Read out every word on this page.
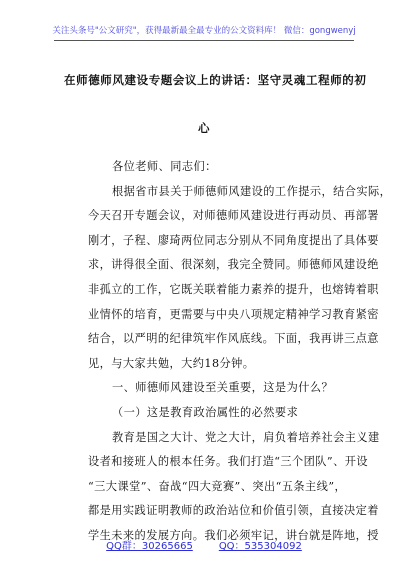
关注头条号"公文研究"，获得最新最全最专业的公文资料库！ 微信：gongwenyj
在师德师风建设专题会议上的讲话：坚守灵魂工程师的初
心
各位老师、同志们：
根据省市县关于师德师风建设的工作提示，结合实际，
今天召开专题会议，对师德师风建设进行再动员、再部署
刚才，子程、廖琦两位同志分别从不同角度提出了具体要
求，讲得很全面、很深刻，我完全赞同。师德师风建设绝
非孤立的工作，它既关联着能力素养的提升，也熔铸着职
业情怀的培育，更需要与中央八项规定精神学习教育紧密
结合，以严明的纪律筑牢作风底线。下面，我再讲三点意
见，与大家共勉，大约18分钟。
一、师德师风建设至关重要，这是为什么？
（一）这是教育政治属性的必然要求
教育是国之大计、党之大计，肩负着培养社会主义建
设者和接班人的根本任务。我们打造“三个团队”、开设
“三大课堂”、奋战“四大竞赛”、突出“五条主线”，
都是用实践证明教师的政治站位和价值引领，直接决定着
学生未来的发展方向。我们必须牢记，讲台就是阵地，授
QQ群：30265665	QQ：535304092
